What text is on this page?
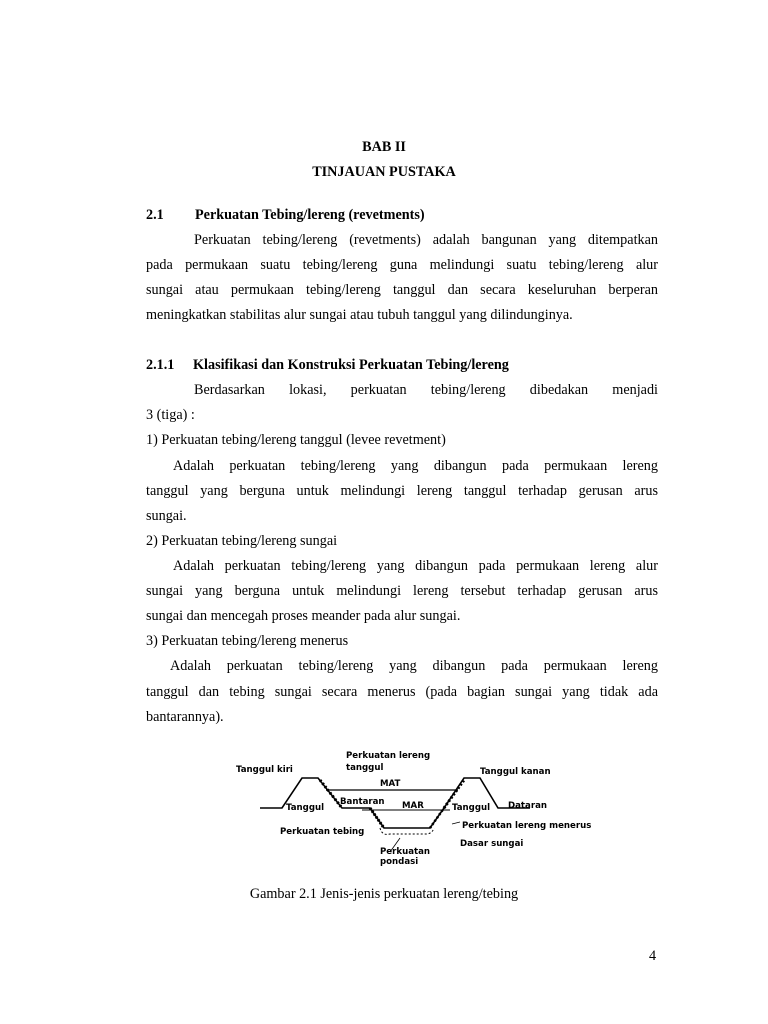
BAB II
TINJAUAN PUSTAKA
2.1 Perkuatan Tebing/lereng (revetments)
Perkuatan tebing/lereng (revetments) adalah bangunan yang ditempatkan
pada permukaan suatu tebing/lereng guna melindungi suatu tebing/lereng alur
sungai atau permukaan tebing/lereng tanggul dan secara keseluruhan berperan
meningkatkan stabilitas alur sungai atau tubuh tanggul yang dilindunginya.
2.1.1 Klasifikasi dan Konstruksi Perkuatan Tebing/lereng
Berdasarkan lokasi, perkuatan tebing/lereng dibedakan menjadi
3 (tiga) :
1) Perkuatan tebing/lereng tanggul (levee revetment)
Adalah perkuatan tebing/lereng yang dibangun pada permukaan lereng
tanggul yang berguna untuk melindungi lereng tanggul terhadap gerusan arus
sungai.
2) Perkuatan tebing/lereng sungai
Adalah perkuatan tebing/lereng yang dibangun pada permukaan lereng alur
sungai yang berguna untuk melindungi lereng tersebut terhadap gerusan arus
sungai dan mencegah proses meander pada alur sungai.
3) Perkuatan tebing/lereng menerus
Adalah perkuatan tebing/lereng yang dibangun pada permukaan lereng
tanggul dan tebing sungai secara menerus (pada bagian sungai yang tidak ada
bantarannya).
Tanggul kiri
Perkuatan lereng
tanggul
MAT
Tanggul kanan
Tanggul
Bantaran MAR	Tanggul Dataran
Perkuatan tebing
Perkuatan lereng menerus
Perkuatan
pondasi
Dasar sungai
Gambar 2.1 Jenis-jenis perkuatan lereng/tebing
4
